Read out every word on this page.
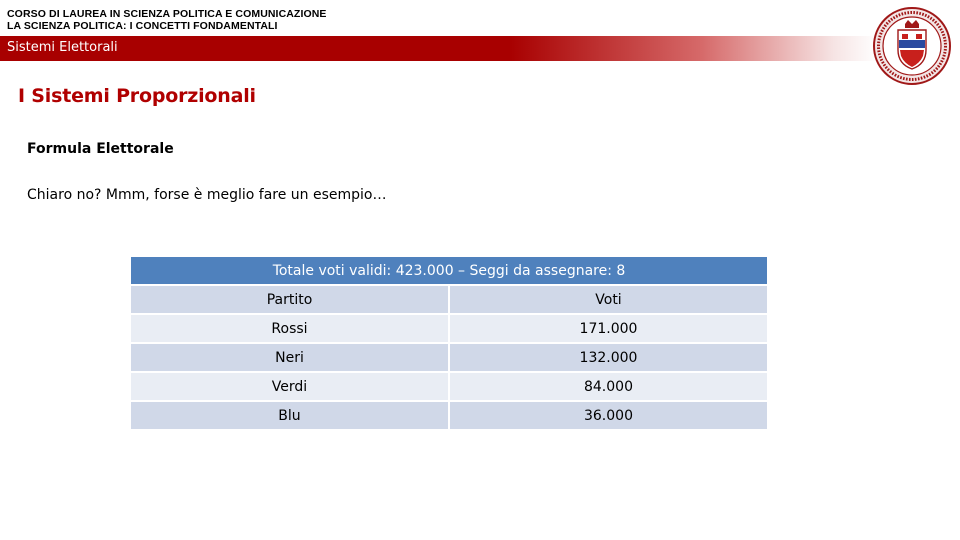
CORSO DI LAUREA IN SCIENZA POLITICA E COMUNICAZIONE
LA SCIENZA POLITICA: I CONCETTI FONDAMENTALI
Sistemi Elettorali
I Sistemi Proporzionali
Formula Elettorale
Chiaro no? Mmm, forse è meglio fare un esempio…
Totale voti validi: 423.000 – Seggi da assegnare: 8	
Partito	Voti
Rossi	171.000
Neri	132.000
Verdi	84.000
Blu	36.000
